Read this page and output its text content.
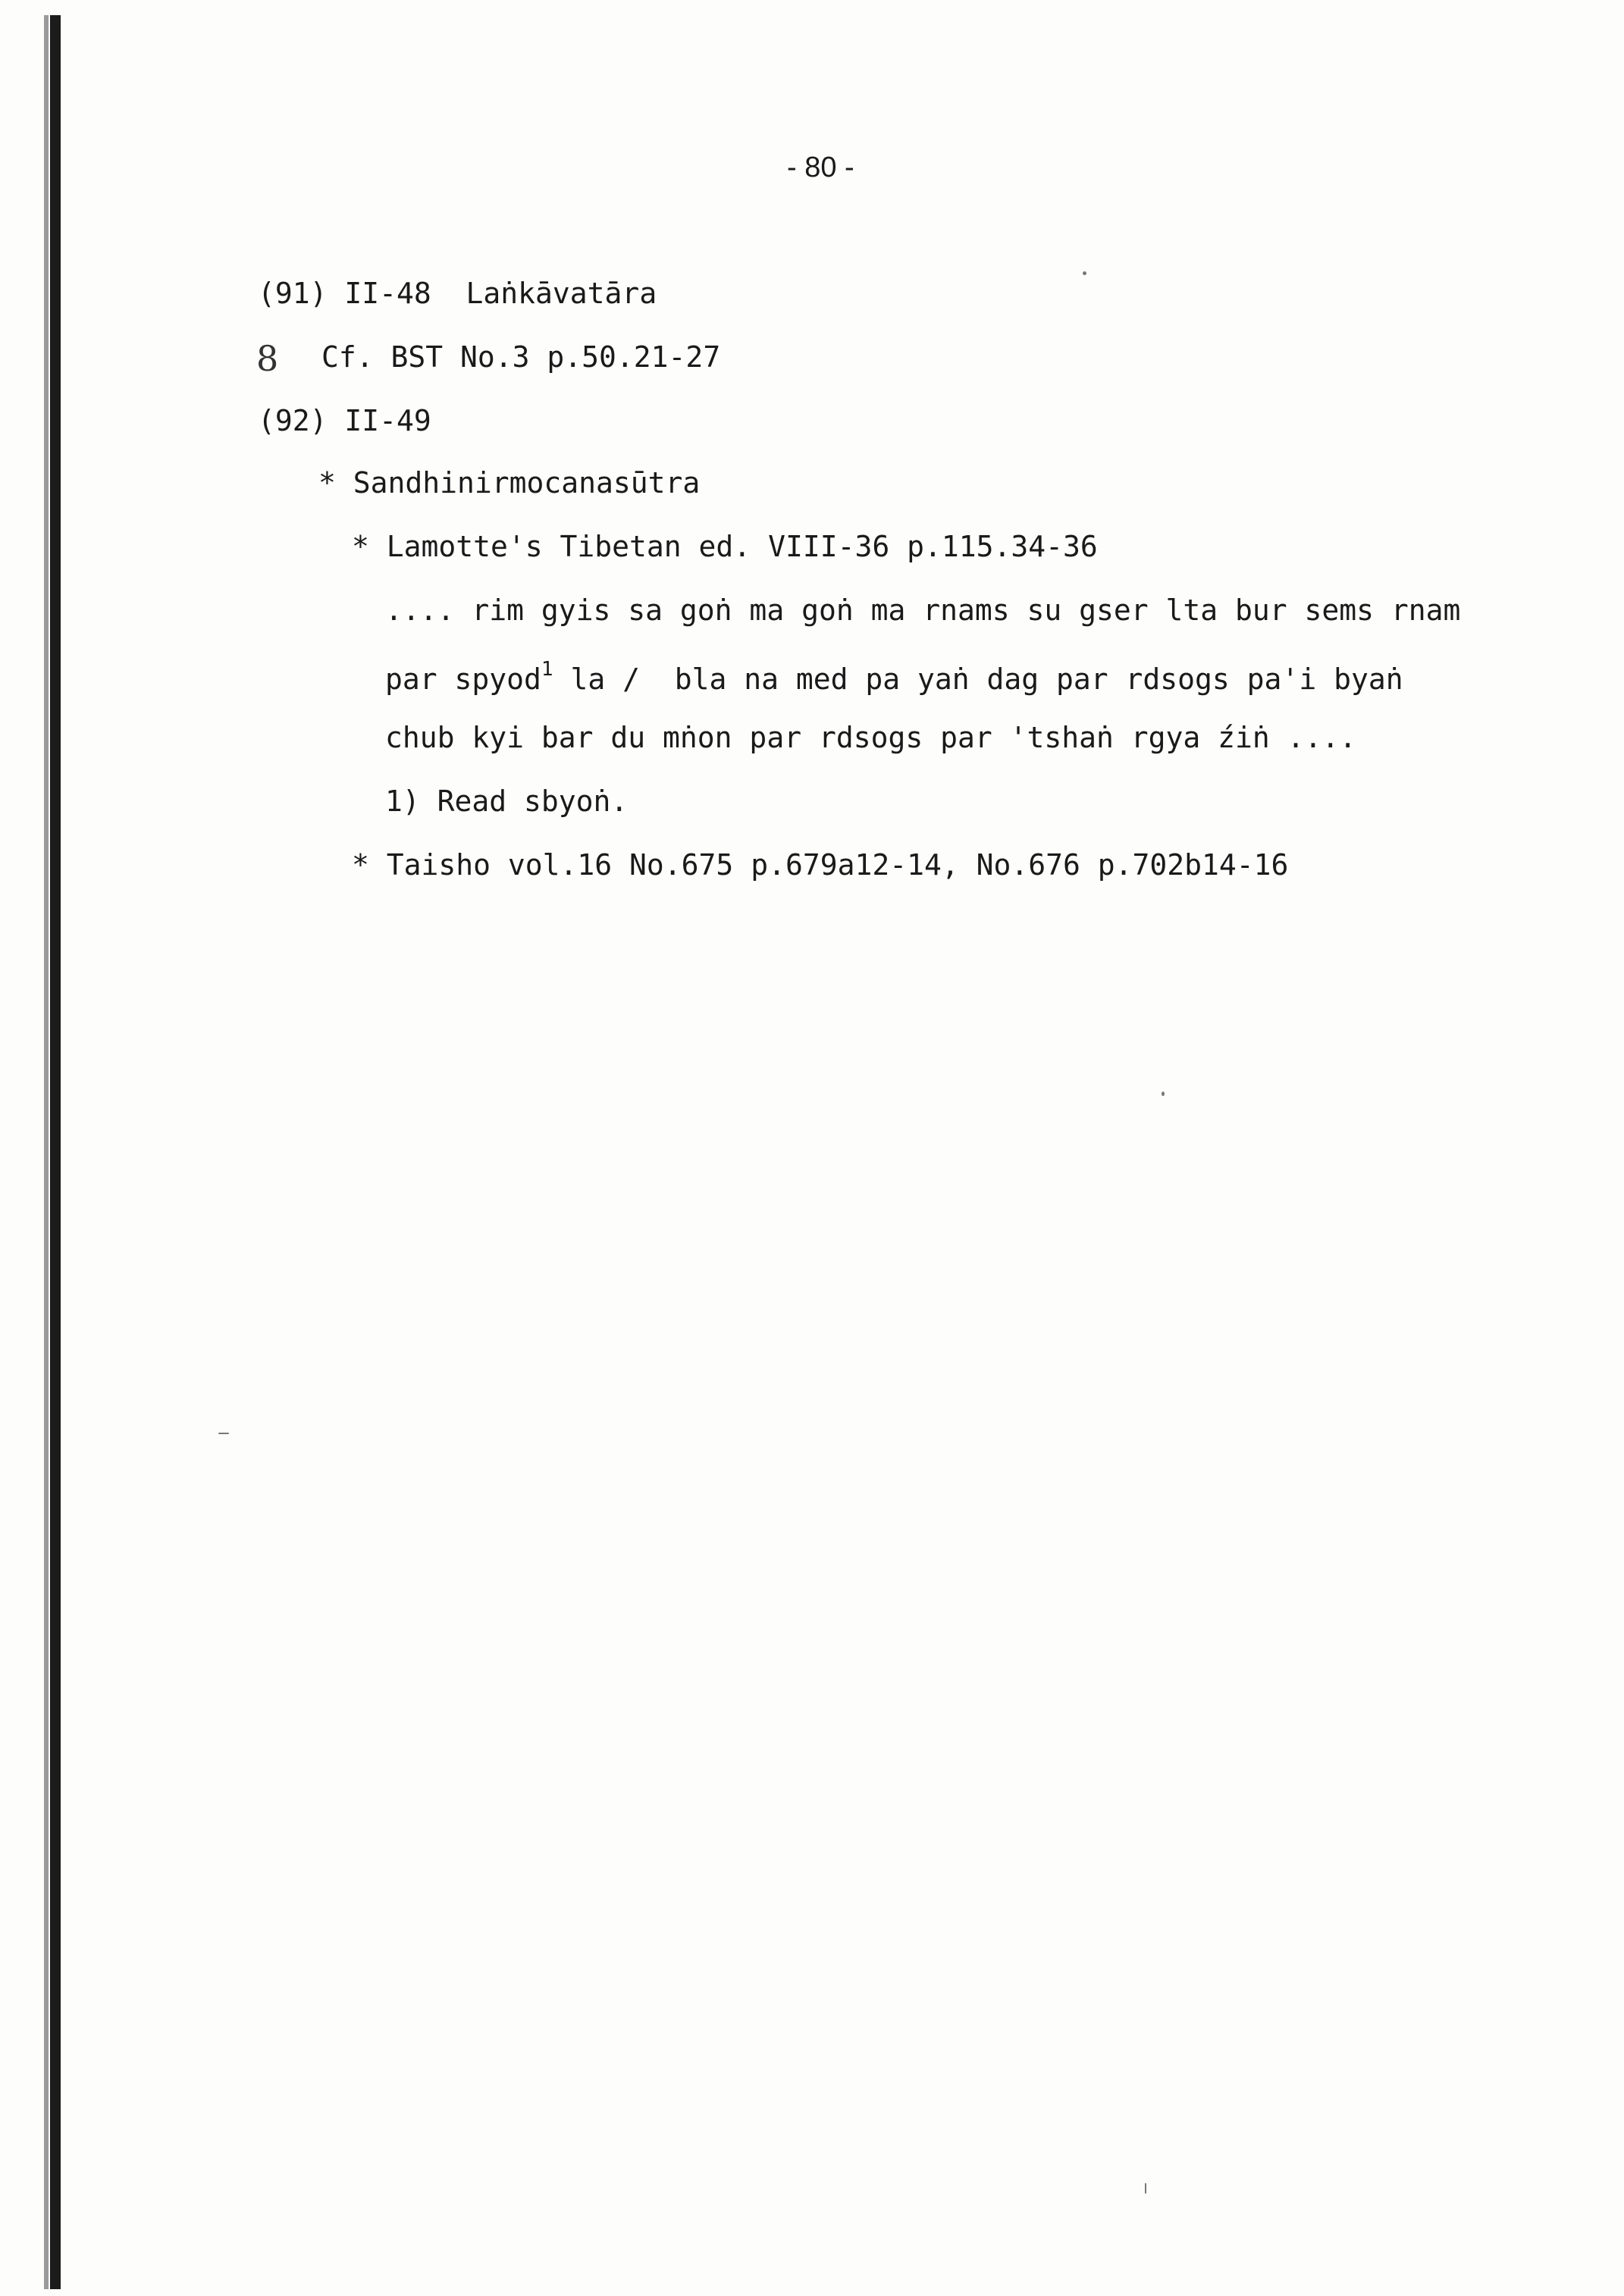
- 80 -
8
(91) II-48  Laṅkāvatāra
Cf. BST No.3 p.50.21-27
(92) II-49
* Sandhinirmocanasūtra
* Lamotte's Tibetan ed. VIII-36 p.115.34-36
.... rim gyis sa goṅ ma goṅ ma rnams su gser lta bur sems rnam
par spyod$^1$ la /  bla na med pa yaṅ dag par rdsogs pa'i byaṅ
chub kyi bar du mṅon par rdsogs par 'tshaṅ rgya źiṅ ....
1) Read sbyoṅ.
* Taisho vol.16 No.675 p.679a12-14, No.676 p.702b14-16
